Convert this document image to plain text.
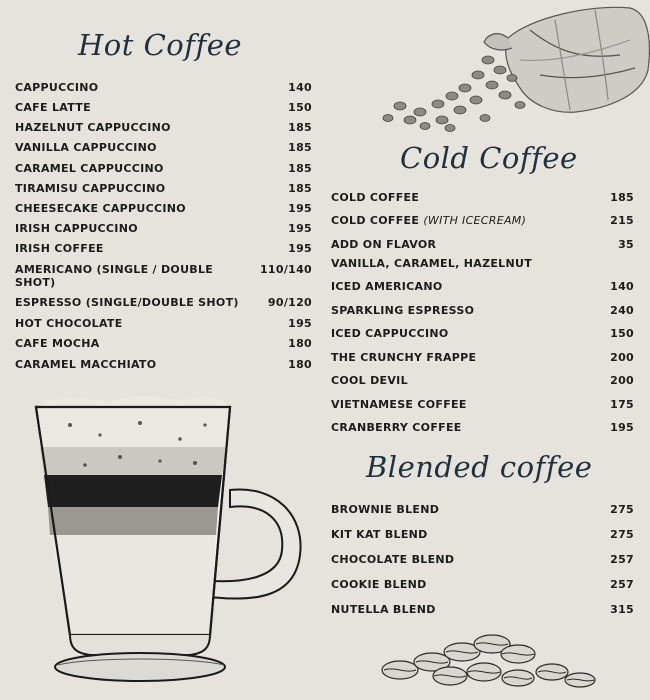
Hot Coffee
Cold Coffee
Blended coffee
CAPPUCCINO	140
CAFE LATTE	150
HAZELNUT CAPPUCCINO	185
VANILLA CAPPUCCINO	185
CARAMEL CAPPUCCINO	185
TIRAMISU CAPPUCCINO	185
CHEESECAKE CAPPUCCINO	195
IRISH CAPPUCCINO	195
IRISH COFFEE	195
AMERICANO (SINGLE / DOUBLE SHOT)
110/140
ESPRESSO (SINGLE/DOUBLE SHOT)	90/120
HOT CHOCOLATE	195
CAFE MOCHA	180
CARAMEL MACCHIATO	180
COLD COFFEE	185
COLD COFFEE (WITH ICECREAM)	215
ADD ON FLAVOR	35
VANILLA, CARAMEL, HAZELNUT
ICED AMERICANO	140
SPARKLING ESPRESSO	240
ICED CAPPUCCINO	150
THE CRUNCHY FRAPPE	200
COOL DEVIL	200
VIETNAMESE COFFEE	175
CRANBERRY COFFEE	195
BROWNIE BLEND	275
KIT KAT BLEND	275
CHOCOLATE BLEND	257
COOKIE BLEND	257
NUTELLA BLEND	315
